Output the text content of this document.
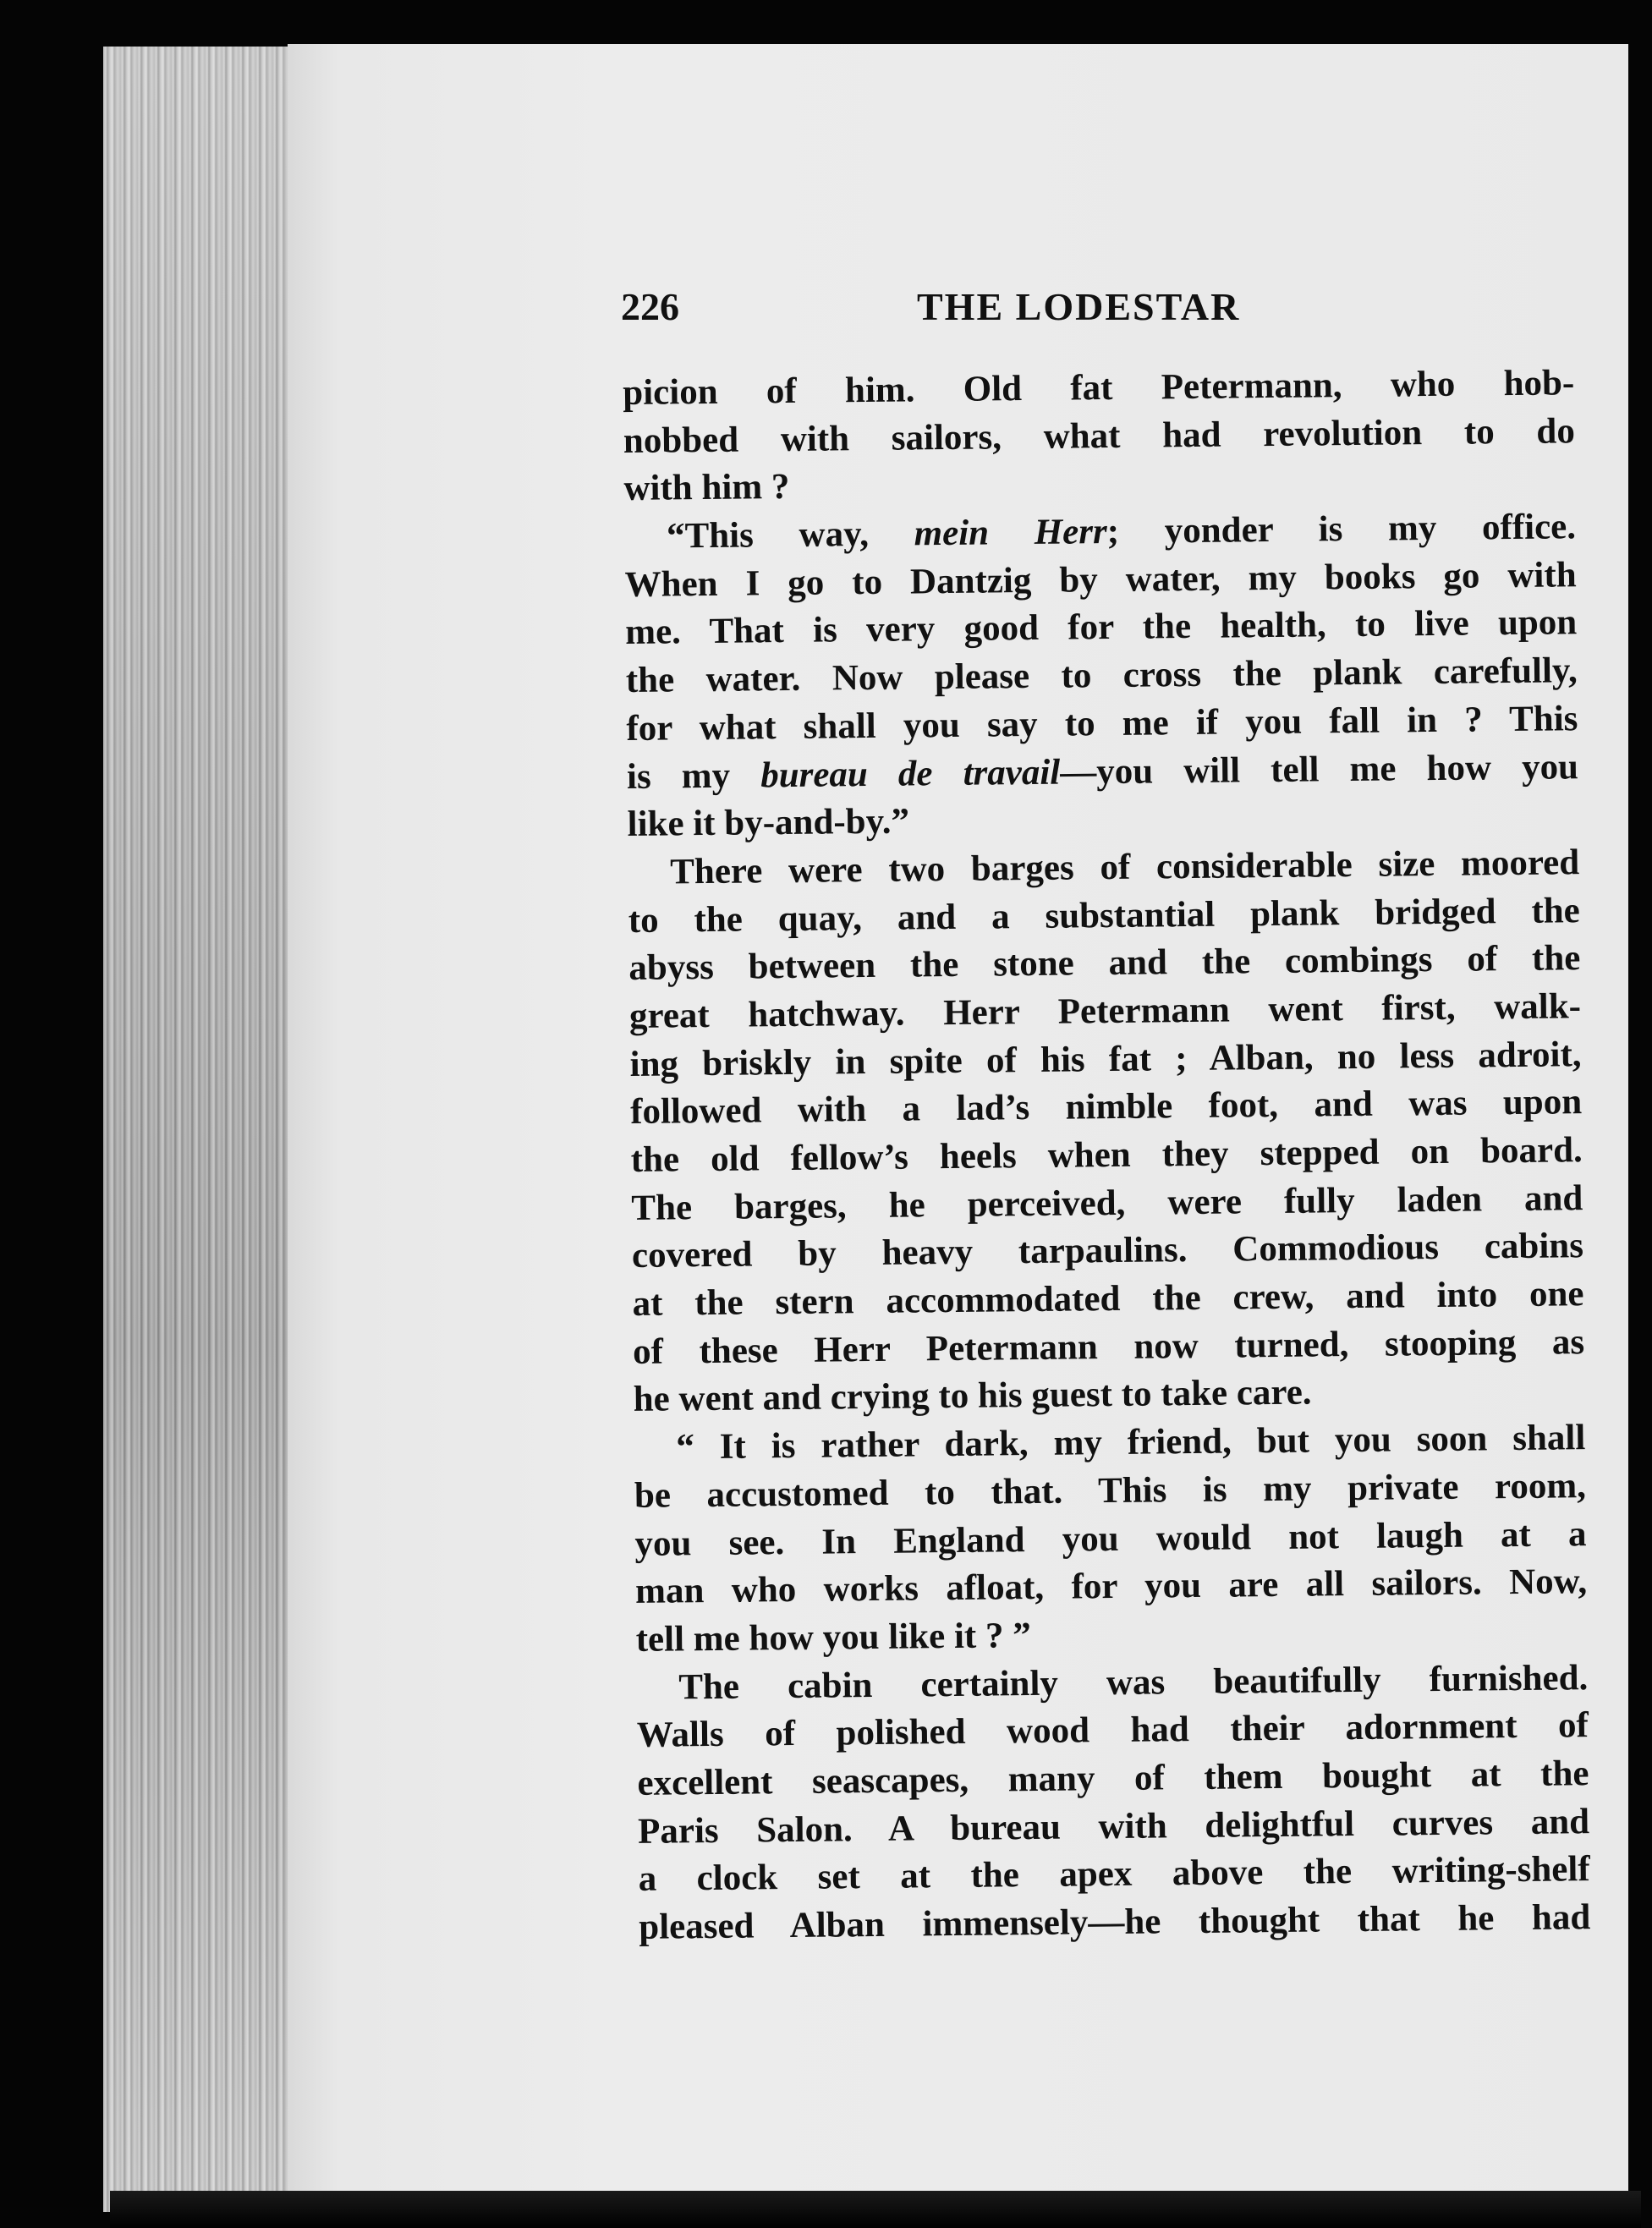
226	THE LODESTAR
picion of him. Old fat Petermann, who hob-
nobbed with sailors, what had revolution to do
with him ?
“This way, mein Herr; yonder is my office.
When I go to Dantzig by water, my books go with
me. That is very good for the health, to live upon
the water. Now please to cross the plank carefully,
for what shall you say to me if you fall in ? This
is my bureau de travail—you will tell me how you
like it by-and-by.”
There were two barges of considerable size moored
to the quay, and a substantial plank bridged the
abyss between the stone and the combings of the
great hatchway. Herr Petermann went first, walk-
ing briskly in spite of his fat ; Alban, no less adroit,
followed with a lad’s nimble foot, and was upon
the old fellow’s heels when they stepped on board.
The barges, he perceived, were fully laden and
covered by heavy tarpaulins. Commodious cabins
at the stern accommodated the crew, and into one
of these Herr Petermann now turned, stooping as
he went and crying to his guest to take care.
“ It is rather dark, my friend, but you soon shall
be accustomed to that. This is my private room,
you see. In England you would not laugh at a
man who works afloat, for you are all sailors. Now,
tell me how you like it ? ”
The cabin certainly was beautifully furnished.
Walls of polished wood had their adornment of
excellent seascapes, many of them bought at the
Paris Salon. A bureau with delightful curves and
a clock set at the apex above the writing-shelf
pleased Alban immensely—he thought that he had
